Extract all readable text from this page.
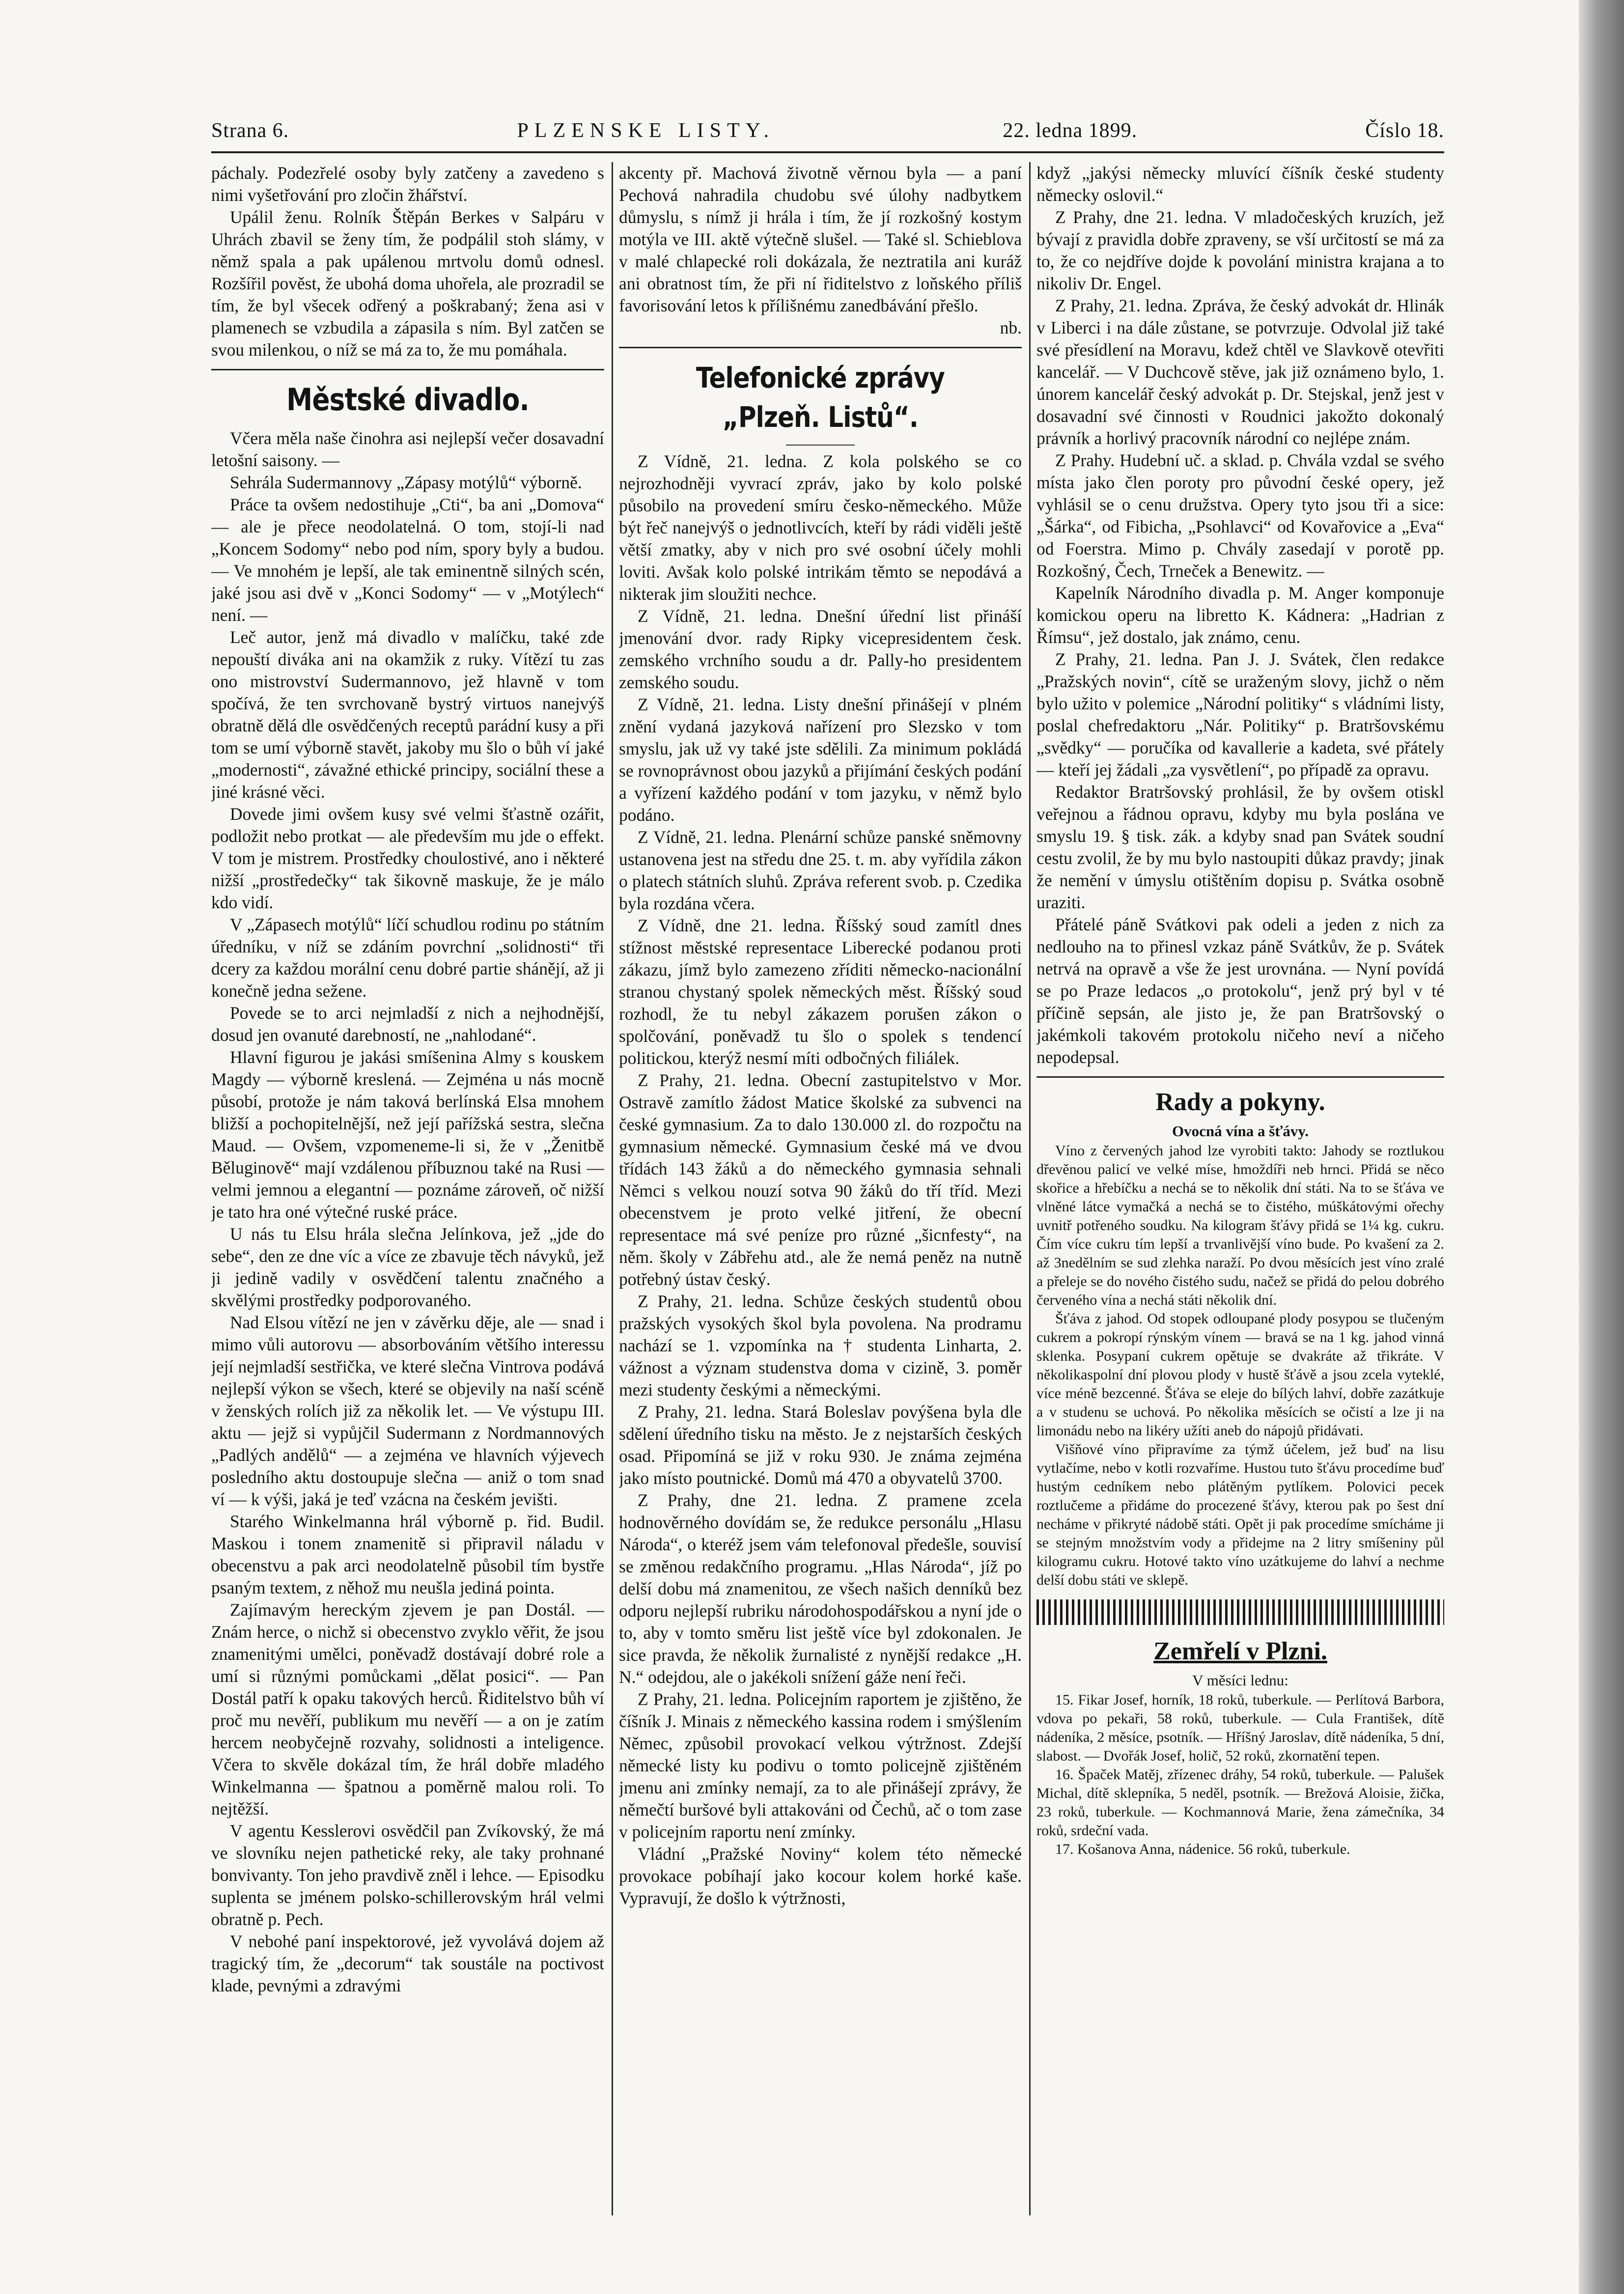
Strana 6.	PLZENSKE LISTY.	22. ledna 1899.	Číslo 18.

páchaly. Podezřelé osoby byly zatčeny a zavedeno s nimi vyšetřování pro zločin žhářství.

Upálil ženu. Rolník Štěpán Berkes v Salpáru v Uhrách zbavil se ženy tím, že podpálil stoh slámy, v němž spala a pak upálenou mrtvolu domů odnesl. Rozšířil pověst, že ubohá doma uhořela, ale prozradil se tím, že byl všecek odřený a poškrabaný; žena asi v plamenech se vzbudila a zápasila s ním. Byl zatčen se svou milenkou, o níž se má za to, že mu pomáhala.

Městské divadlo.

Včera měla naše činohra asi nejlepší večer dosavadní letošní saisony. —

Sehrála Sudermannovy „Zápasy motýlů“ výborně.

Práce ta ovšem nedostihuje „Cti“, ba ani „Domova“ — ale je přece neodolatelná. O tom, stojí-li nad „Koncem Sodomy“ nebo pod ním, spory byly a budou. — Ve mnohém je lepší, ale tak eminentně silných scén, jaké jsou asi dvě v „Konci Sodomy“ — v „Motýlech“ není. —

Leč autor, jenž má divadlo v malíčku, také zde nepouští diváka ani na okamžik z ruky. Vítězí tu zas ono mistrovství Sudermannovo, jež hlavně v tom spočívá, že ten svrchovaně bystrý virtuos nanejvýš obratně dělá dle osvědčených receptů parádní kusy a při tom se umí výborně stavět, jakoby mu šlo o bůh ví jaké „modernosti“, závažné ethické principy, sociální these a jiné krásné věci.

Dovede jimi ovšem kusy své velmi šťastně ozářit, podložit nebo protkat — ale především mu jde o effekt. V tom je mistrem. Prostředky choulostivé, ano i některé nižší „prostředečky“ tak šikovně maskuje, že je málo kdo vidí.

V „Zápasech motýlů“ líčí schudlou rodinu po státním úředníku, v níž se zdáním povrchní „solidnosti“ tři dcery za každou morální cenu dobré partie shánějí, až ji konečně jedna sežene.

Povede se to arci nejmladší z nich a nejhodnější, dosud jen ovanuté darebností, ne „nahlodané“.

Hlavní figurou je jakási smíšenina Almy s kouskem Magdy — výborně kreslená. — Zejména u nás mocně působí, protože je nám taková berlínská Elsa mnohem bližší a pochopitelnější, než její pařížská sestra, slečna Maud. — Ovšem, vzpomeneme-li si, že v „Ženitbě Běluginově“ mají vzdálenou příbuznou také na Rusi — velmi jemnou a elegantní — poznáme zároveň, oč nižší je tato hra oné výtečné ruské práce.

U nás tu Elsu hrála slečna Jelínkova, jež „jde do sebe“, den ze dne víc a více ze zbavuje těch návyků, jež ji jedině vadily v osvědčení talentu značného a skvělými prostředky podporovaného.

Nad Elsou vítězí ne jen v závěrku děje, ale — snad i mimo vůli autorovu — absorbováním většího interessu její nejmladší sestřička, ve které slečna Vintrova podává nejlepší výkon se všech, které se objevily na naší scéně v ženských rolích již za několik let. — Ve výstupu III. aktu — jejž si vypůjčil Sudermann z Nordmannových „Padlých andělů“ — a zejména ve hlavních výjevech posledního aktu dostoupuje slečna — aniž o tom snad ví — k výši, jaká je teď vzácna na českém jevišti.

Starého Winkelmanna hrál výborně p. řid. Budil. Maskou i tonem znamenitě si připravil náladu v obecenstvu a pak arci neodolatelně působil tím bystře psaným textem, z něhož mu neušla jediná pointa.

Zajímavým hereckým zjevem je pan Dostál. — Znám herce, o nichž si obecenstvo zvyklo věřit, že jsou znamenitými umělci, poněvadž dostávají dobré role a umí si různými pomůckami „dělat posici“. — Pan Dostál patří k opaku takových herců. Řiditelstvo bůh ví proč mu nevěří, publikum mu nevěří — a on je zatím hercem neobyčejně rozvahy, solidnosti a inteligence. Včera to skvěle dokázal tím, že hrál dobře mladého Winkelmanna — špatnou a poměrně malou roli. To nejtěžší.

V agentu Kesslerovi osvědčil pan Zvíkovský, že má ve slovníku nejen pathetické reky, ale taky prohnané bonvivanty. Ton jeho pravdivě zněl i lehce. — Episodku suplenta se jménem polsko-schillerovským hrál velmi obratně p. Pech.

V nebohé paní inspektorové, jež vyvolává dojem až tragický tím, že „decorum“ tak soustále na poctivost klade, pevnými a zdravými

akcenty př. Machová životně věrnou byla — a paní Pechová nahradila chudobu své úlohy nadbytkem důmyslu, s nímž ji hrála i tím, že jí rozkošný kostym motýla ve III. aktě výtečně slušel. — Také sl. Schieblova v malé chlapecké roli dokázala, že neztratila ani kuráž ani obratnost tím, že při ní řiditelstvo z loňského příliš favorisování letos k přílišnému zanedbávání přešlo.

nb.
Telefonické zprávy „Plzeň. Listů“.

Z Vídně, 21. ledna. Z kola polského se co nejrozhodněji vyvrací zpráv, jako by kolo polské působilo na provedení smíru česko-německého. Může být řeč nanejvýš o jednotlivcích, kteří by rádi viděli ještě větší zmatky, aby v nich pro své osobní účely mohli loviti. Avšak kolo polské intrikám těmto se nepodává a nikterak jim sloužiti nechce.

Z Vídně, 21. ledna. Dnešní úřední list přináší jmenování dvor. rady Ripky vicepresidentem česk. zemského vrchního soudu a dr. Pally-ho presidentem zemského soudu.

Z Vídně, 21. ledna. Listy dnešní přinášejí v plném znění vydaná jazyková nařízení pro Slezsko v tom smyslu, jak už vy také jste sdělili. Za minimum pokládá se rovnoprávnost obou jazyků a přijímání českých podání a vyřízení každého podání v tom jazyku, v němž bylo podáno.

Z Vídně, 21. ledna. Plenární schůze panské sněmovny ustanovena jest na středu dne 25. t. m. aby vyřídila zákon o platech státních sluhů. Zpráva referent svob. p. Czedika byla rozdána včera.

Z Vídně, dne 21. ledna. Říšský soud zamítl dnes stížnost městské representace Liberecké podanou proti zákazu, jímž bylo zamezeno zříditi německo-nacionální stranou chystaný spolek německých měst. Říšský soud rozhodl, že tu nebyl zákazem porušen zákon o spolčování, poněvadž tu šlo o spolek s tendencí politickou, kterýž nesmí míti odbočných filiálek.

Z Prahy, 21. ledna. Obecní zastupitelstvo v Mor. Ostravě zamítlo žádost Matice školské za subvenci na české gymnasium. Za to dalo 130.000 zl. do rozpočtu na gymnasium německé. Gymnasium české má ve dvou třídách 143 žáků a do německého gymnasia sehnali Němci s velkou nouzí sotva 90 žáků do tří tříd. Mezi obecenstvem je proto velké jitření, že obecní representace má své peníze pro různé „šicnfesty“, na něm. školy v Zábřehu atd., ale že nemá peněz na nutně potřebný ústav český.

Z Prahy, 21. ledna. Schůze českých studentů obou pražských vysokých škol byla povolena. Na prodramu nachází se 1. vzpomínka na † studenta Linharta, 2. vážnost a význam studenstva doma v cizině, 3. poměr mezi studenty českými a německými.

Z Prahy, 21. ledna. Stará Boleslav povýšena byla dle sdělení úředního tisku na město. Je z nejstarších českých osad. Připomíná se již v roku 930. Je známa zejména jako místo poutnické. Domů má 470 a obyvatelů 3700.

Z Prahy, dne 21. ledna. Z pramene zcela hodnověrného dovídám se, že redukce personálu „Hlasu Národa“, o kteréž jsem vám telefonoval předešle, souvisí se změnou redakčního programu. „Hlas Národa“, jíž po delší dobu má znamenitou, ze všech našich denníků bez odporu nejlepší rubriku národohospodářskou a nyní jde o to, aby v tomto směru list ještě více byl zdokonalen. Je sice pravda, že několik žurnalisté z nynější redakce „H. N.“ odejdou, ale o jakékoli snížení gáže není řeči.

Z Prahy, 21. ledna. Policejním raportem je zjištěno, že číšník J. Minais z německého kassina rodem i smýšlením Němec, způsobil provokací velkou výtržnost. Zdejší německé listy ku podivu o tomto policejně zjištěném jmenu ani zmínky nemají, za to ale přinášejí zprávy, že němečtí buršové byli attakováni od Čechů, ač o tom zase v policejním raportu není zmínky.

Vládní „Pražské Noviny“ kolem této německé provokace pobíhají jako kocour kolem horké kaše. Vypravují, že došlo k výtržnosti,

když „jakýsi německy mluvící číšník české studenty německy oslovil.“

Z Prahy, dne 21. ledna. V mladočeských kruzích, jež bývají z pravidla dobře zpraveny, se vší určitostí se má za to, že co nejdříve dojde k povolání ministra krajana a to nikoliv Dr. Engel.

Z Prahy, 21. ledna. Zpráva, že český advokát dr. Hlinák v Liberci i na dále zůstane, se potvrzuje. Odvolal již také své přesídlení na Moravu, kdež chtěl ve Slavkově otevřiti kancelář. — V Duchcově stěve, jak již oznámeno bylo, 1. únorem kancelář český advokát p. Dr. Stejskal, jenž jest v dosavadní své činnosti v Roudnici jakožto dokonalý právník a horlivý pracovník národní co nejlépe znám.

Z Prahy. Hudební uč. a sklad. p. Chvála vzdal se svého místa jako člen poroty pro původní české opery, jež vyhlásil se o cenu družstva. Opery tyto jsou tři a sice: „Šárka“, od Fibicha, „Psohlavci“ od Kovařovice a „Eva“ od Foerstra. Mimo p. Chvály zasedají v porotě pp. Rozkošný, Čech, Trneček a Benewitz. —

Kapelník Národního divadla p. M. Anger komponuje komickou operu na libretto K. Kádnera: „Hadrian z Římsu“, jež dostalo, jak známo, cenu.

Z Prahy, 21. ledna. Pan J. J. Svátek, člen redakce „Pražských novin“, cítě se uraženým slovy, jichž o něm bylo užito v polemice „Národní politiky“ s vládními listy, poslal chefredaktoru „Nár. Politiky“ p. Bratršovskému „svědky“ — poručíka od kavallerie a kadeta, své přátely — kteří jej žádali „za vysvětlení“, po případě za opravu.

Redaktor Bratršovský prohlásil, že by ovšem otiskl veřejnou a řádnou opravu, kdyby mu byla poslána ve smyslu 19. § tisk. zák. a kdyby snad pan Svátek soudní cestu zvolil, že by mu bylo nastoupiti důkaz pravdy; jinak že nemění v úmyslu otištěním dopisu p. Svátka osobně uraziti.

Přátelé páně Svátkovi pak odeli a jeden z nich za nedlouho na to přinesl vzkaz páně Svátkův, že p. Svátek netrvá na opravě a vše že jest urovnána. — Nyní povídá se po Praze ledacos „o protokolu“, jenž prý byl v té příčině sepsán, ale jisto je, že pan Bratršovský o jakémkoli takovém protokolu ničeho neví a ničeho nepodepsal.

Rady a pokyny.
Ovocná vína a šťávy.

Víno z červených jahod lze vyrobiti takto: Jahody se roztlukou dřevěnou palicí ve velké míse, hmoždíři neb hrnci. Přidá se něco skořice a hřebíčku a nechá se to několik dní státi. Na to se šťáva ve vlněné látce vymačká a nechá se to čistého, múškátovými ořechy uvnitř potřeného soudku. Na kilogram šťávy přidá se 1¼ kg. cukru. Čím více cukru tím lepší a trvanlivější víno bude. Po kvašení za 2. až 3nedělním se sud zlehka naraží. Po dvou měsících jest víno zralé a přeleje se do nového čistého sudu, načež se přidá do pelou dobrého červeného vína a nechá státi několik dní.

Šťáva z jahod. Od stopek odloupané plody posypou se tlučeným cukrem a pokropí rýnským vínem — bravá se na 1 kg. jahod vinná sklenka. Posypaní cukrem opětuje se dvakráte až třikráte. V několikaspolní dní plovou plody v hustě šťávě a jsou zcela vyteklé, více méně bezcenné. Šťáva se eleje do bílých lahví, dobře zazátkuje a v studenu se uchová. Po několika měsících se očistí a lze ji na limonádu nebo na likéry užíti aneb do nápojů přidávati.

Višňové víno připravíme za týmž účelem, jež buď na lisu vytlačíme, nebo v kotli rozvaříme. Hustou tuto šťávu procedíme buď hustým cedníkem nebo plátěným pytlíkem. Polovici pecek roztlučeme a přidáme do procezené šťávy, kterou pak po šest dní necháme v přikryté nádobě státi. Opět ji pak procedíme smícháme ji se stejným množstvím vody a přidejme na 2 litry smíšeniny půl kilogramu cukru. Hotové takto víno uzátkujeme do lahví a nechme delší dobu státi ve sklepě.

Zemřelí v Plzni.
V měsíci lednu:

15. Fikar Josef, horník, 18 roků, tuberkule. — Perlítová Barbora, vdova po pekaři, 58 roků, tuberkule. — Cula František, dítě nádeníka, 2 měsíce, psotník. — Hříšný Jaroslav, dítě nádeníka, 5 dní, slabost. — Dvořák Josef, holič, 52 roků, zkornatění tepen.

16. Špaček Matěj, zřízenec dráhy, 54 roků, tuberkule. — Palušek Michal, dítě sklepníka, 5 neděl, psotník. — Brežová Aloisie, žička, 23 roků, tuberkule. — Kochmannová Marie, žena zámečníka, 34 roků, srdeční vada.

17. Košanova Anna, nádenice. 56 roků, tuberkule.
